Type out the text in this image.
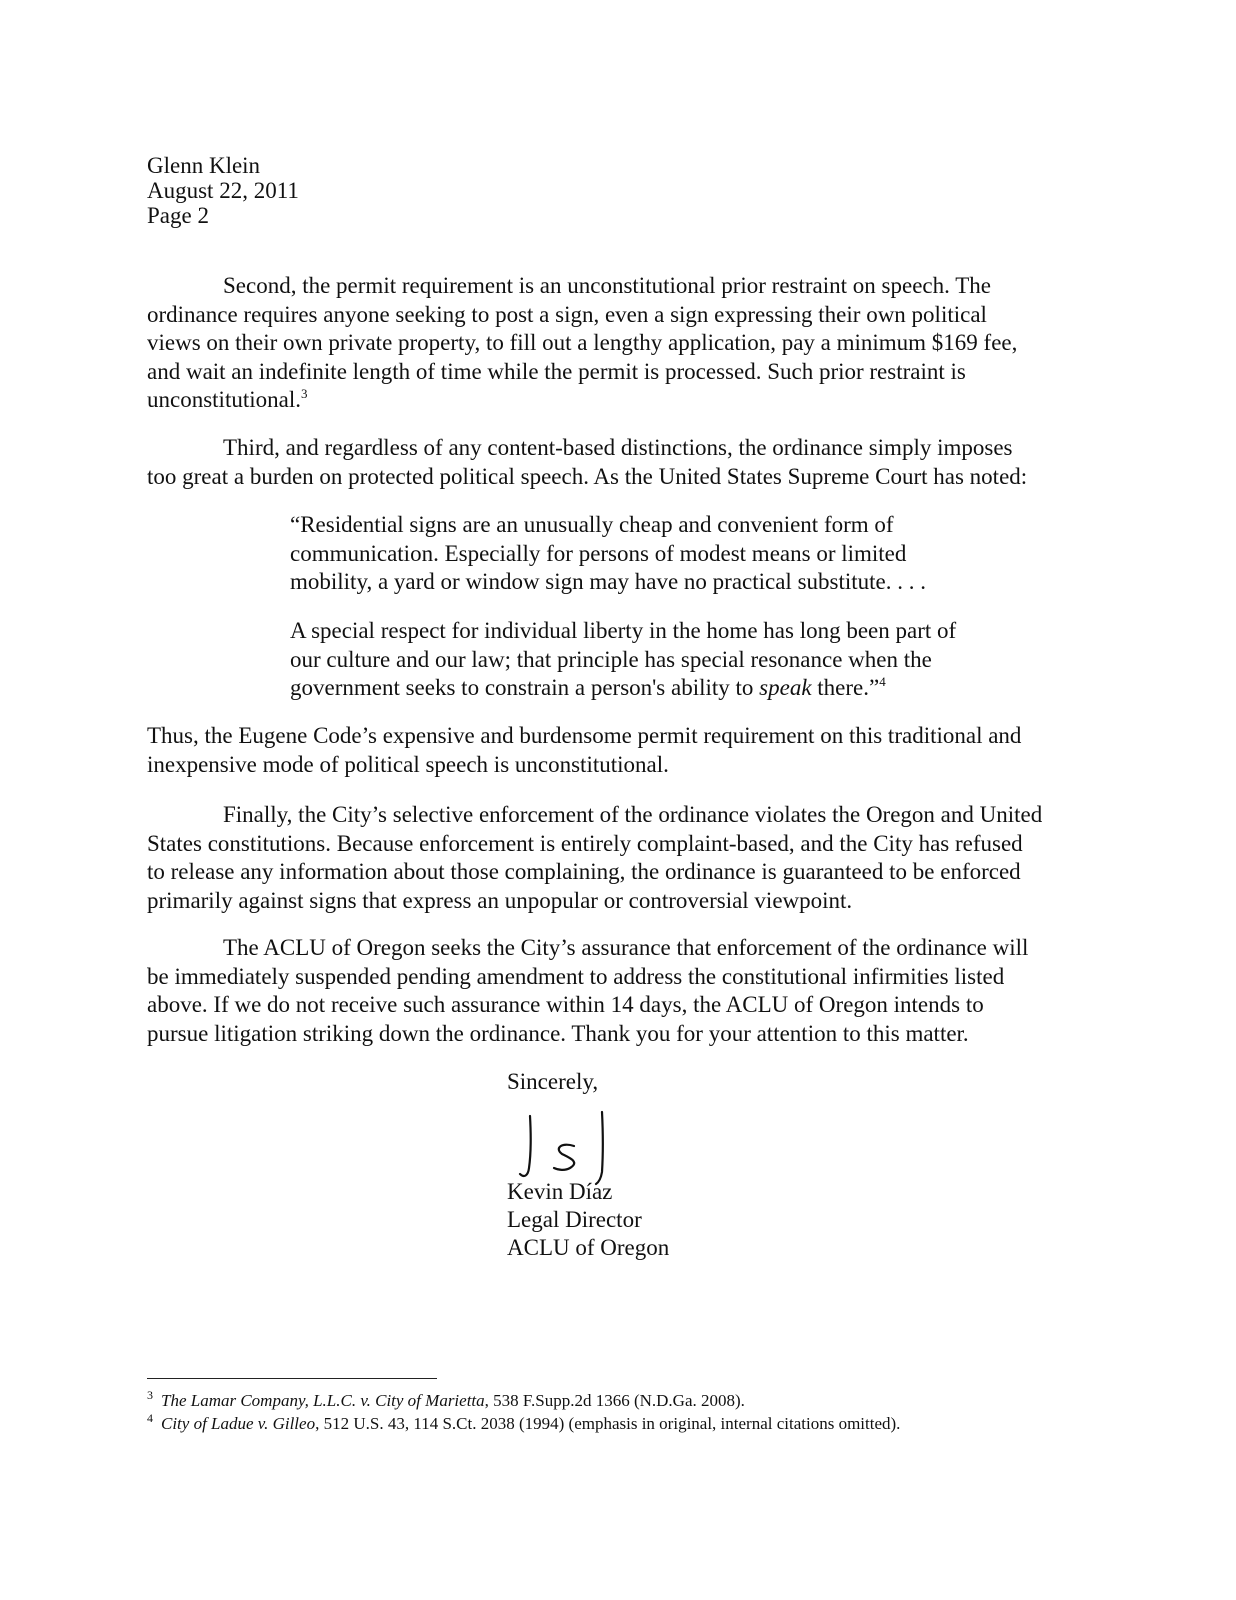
Glenn Klein
August 22, 2011
Page 2
Second, the permit requirement is an unconstitutional prior restraint on speech. The
ordinance requires anyone seeking to post a sign, even a sign expressing their own political
views on their own private property, to fill out a lengthy application, pay a minimum $169 fee,
and wait an indefinite length of time while the permit is processed. Such prior restraint is
unconstitutional.$^3$
Third, and regardless of any content-based distinctions, the ordinance simply imposes
too great a burden on protected political speech. As the United States Supreme Court has noted:
“Residential signs are an unusually cheap and convenient form of
communication. Especially for persons of modest means or limited
mobility, a yard or window sign may have no practical substitute. . . .
A special respect for individual liberty in the home has long been part of
our culture and our law; that principle has special resonance when the
government seeks to constrain a person's ability to speak there.”$^4$
Thus, the Eugene Code’s expensive and burdensome permit requirement on this traditional and
inexpensive mode of political speech is unconstitutional.
Finally, the City’s selective enforcement of the ordinance violates the Oregon and United
States constitutions. Because enforcement is entirely complaint-based, and the City has refused
to release any information about those complaining, the ordinance is guaranteed to be enforced
primarily against signs that express an unpopular or controversial viewpoint.
The ACLU of Oregon seeks the City’s assurance that enforcement of the ordinance will
be immediately suspended pending amendment to address the constitutional infirmities listed
above. If we do not receive such assurance within 14 days, the ACLU of Oregon intends to
pursue litigation striking down the ordinance. Thank you for your attention to this matter.
Sincerely,
Kevin Díaz
Legal Director
ACLU of Oregon
$^3$ The Lamar Company, L.L.C. v. City of Marietta, 538 F.Supp.2d 1366 (N.D.Ga. 2008).
$^4$ City of Ladue v. Gilleo, 512 U.S. 43, 114 S.Ct. 2038 (1994) (emphasis in original, internal citations omitted).
